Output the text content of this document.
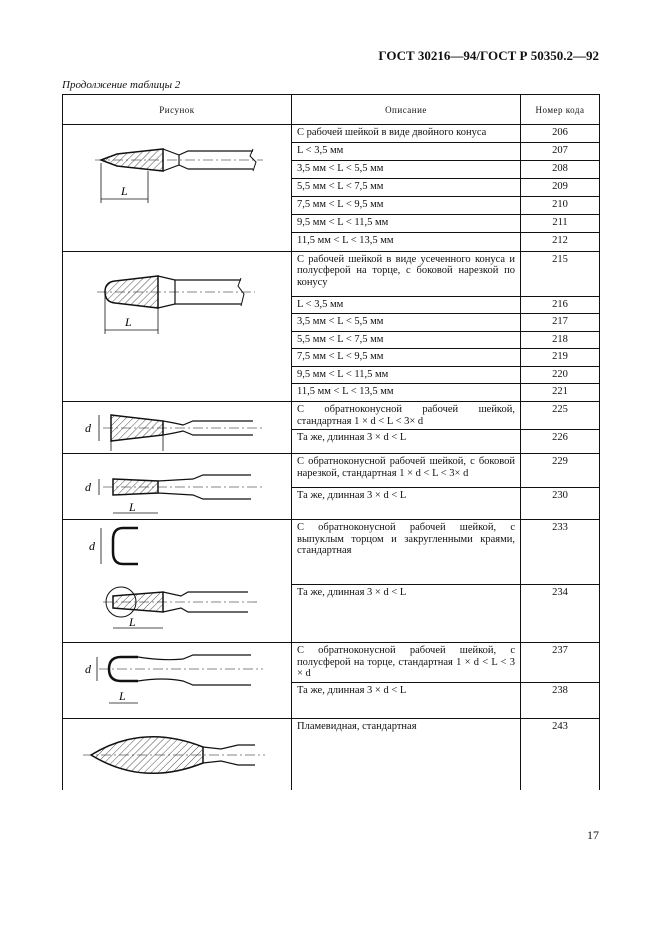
ГОСТ 30216—94/ГОСТ Р 50350.2—92
Продолжение таблицы 2
Рисунок	Описание	Номер кода

L	С рабочей шейкой в виде двойного конуса	206
	L < 3,5 мм	207
	3,5 мм < L < 5,5 мм	208
	5,5 мм < L < 7,5 мм	209
	7,5 мм < L < 9,5 мм	210
	9,5 мм < L < 11,5 мм	211
	11,5 мм < L < 13,5 мм	212

L	С рабочей шейкой в виде усеченного конуса и полусферой на торце, с боковой нарезкой по конусу	215
	L < 3,5 мм	216
	3,5 мм < L < 5,5 мм	217
	5,5 мм < L < 7,5 мм	218
	7,5 мм < L < 9,5 мм	219
	9,5 мм < L < 11,5 мм	220
	11,5 мм < L < 13,5 мм	221

d	С обратноконусной рабочей шейкой, стандартная 1 × d < L < 3× d	225
	Та же, длинная 3 × d < L	226

d
L	С обратноконусной рабочей шейкой, с боковой нарезкой, стандартная 1 × d < L < 3× d	229
	Та же, длинная 3 × d < L	230

d
L	С обратноконусной рабочей шейкой, с выпуклым торцом и закругленными краями, стандартная	233
	Та же, длинная 3 × d < L	234

d
L	С обратноконусной рабочей шейкой, с полусферой на торце, стандартная 1 × d < L < 3 × d	237
	Та же, длинная 3 × d < L	238

	Пламевидная, стандартная	243
17
